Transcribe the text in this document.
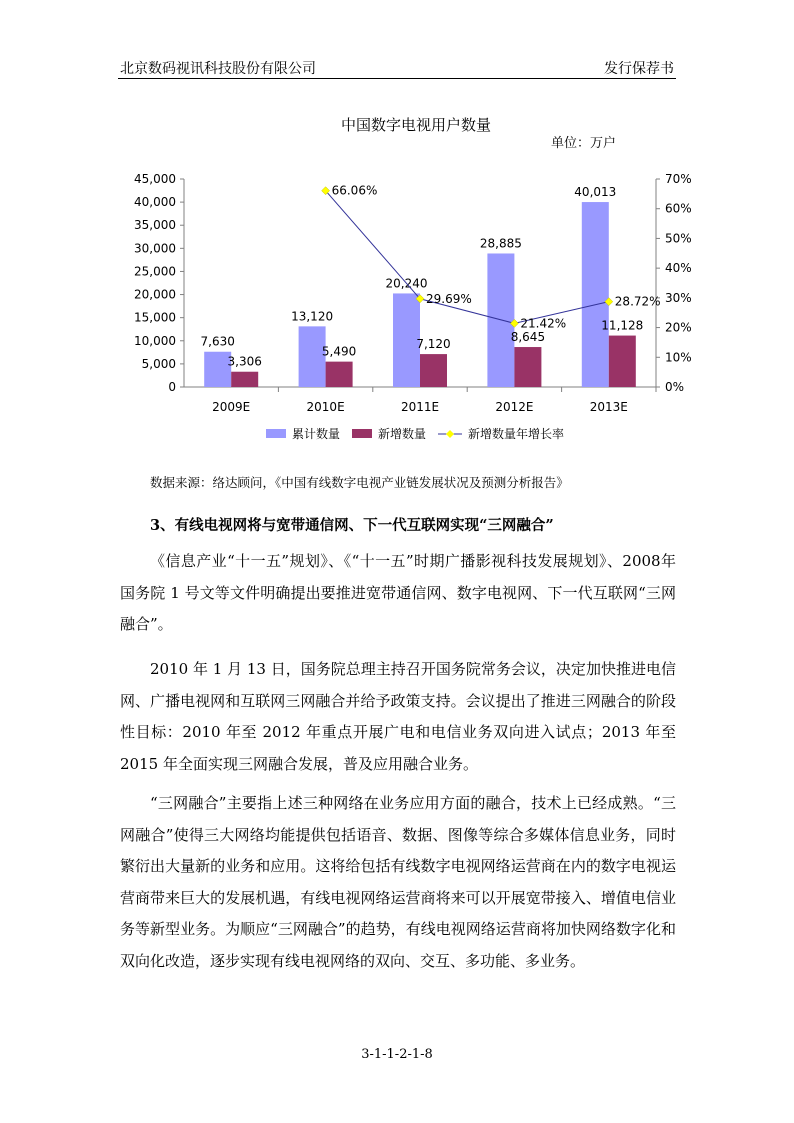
北京数码视讯科技股份有限公司	发行保荐书
中国数字电视用户数量
单位：万户
0
5,000
10,000
15,000
20,000
25,000
30,000
35,000
40,000
45,000
0%
10%
20%
30%
40%
50%
60%
70%
2009E	2010E	2011E	2012E	2013E
7,630
13,120
20,240
28,885
40,013
3,306
5,490
7,120
8,645
11,128
66.06%
29.69%
21.42%
28.72%
累计数量	新增数量	新增数量年增长率
数据来源：络达顾问，《中国有线数字电视产业链发展状况及预测分析报告》
3、有线电视网将与宽带通信网、下一代互联网实现“三网融合”
《信息产业“十一五”规划》、《“十一五”时期广播影视科技发展规划》、2008年国务院 1 号文等文件明确提出要推进宽带通信网、数字电视网、下一代互联网“三网融合”。
2010 年 1 月 13 日，国务院总理主持召开国务院常务会议，决定加快推进电信网、广播电视网和互联网三网融合并给予政策支持。会议提出了推进三网融合的阶段性目标：2010 年至 2012 年重点开展广电和电信业务双向进入试点；2013 年至 2015 年全面实现三网融合发展，普及应用融合业务。
“三网融合”主要指上述三种网络在业务应用方面的融合，技术上已经成熟。“三网融合”使得三大网络均能提供包括语音、数据、图像等综合多媒体信息业务，同时繁衍出大量新的业务和应用。这将给包括有线数字电视网络运营商在内的数字电视运营商带来巨大的发展机遇，有线电视网络运营商将来可以开展宽带接入、增值电信业务等新型业务。为顺应“三网融合”的趋势，有线电视网络运营商将加快网络数字化和双向化改造，逐步实现有线电视网络的双向、交互、多功能、多业务。
3-1-1-2-1-8
